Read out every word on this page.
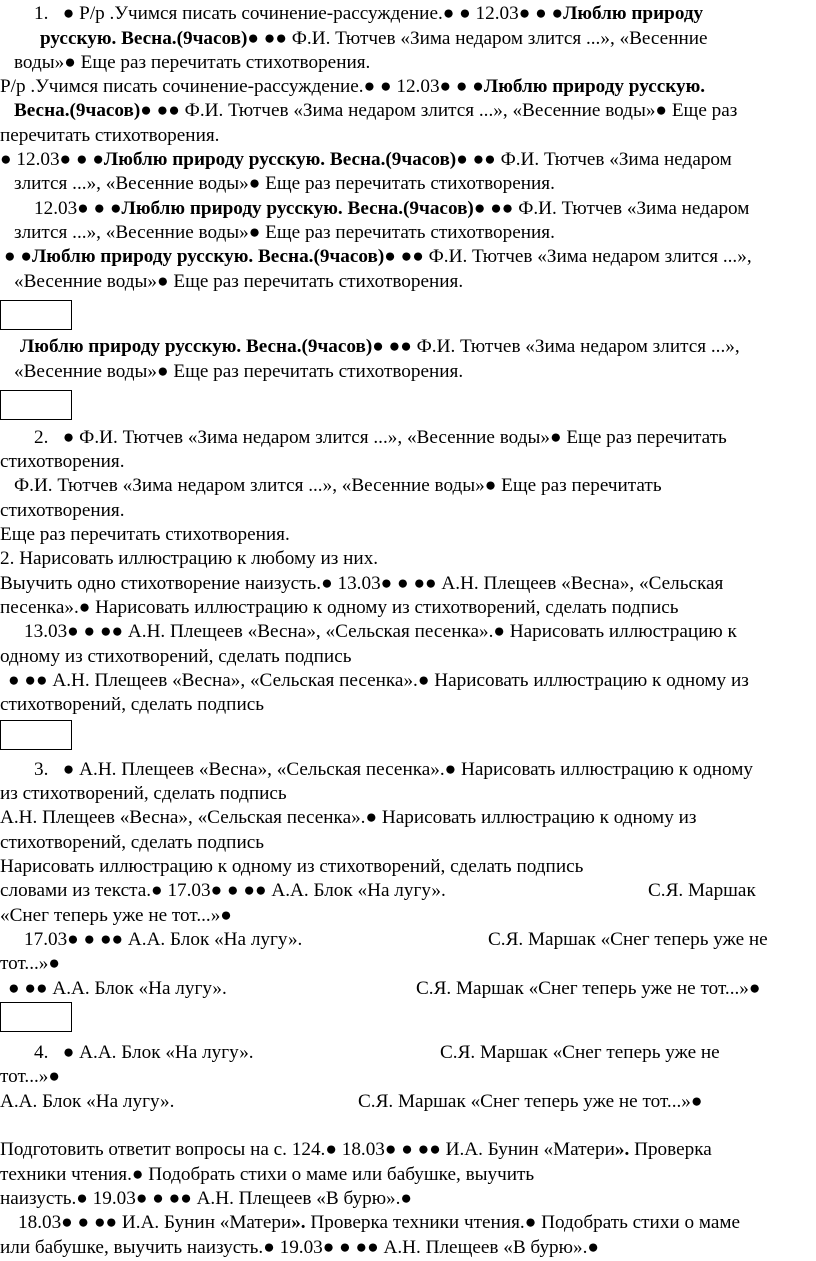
1. ● Р/р .Учимся писать сочинение-рассуждение.● ● 12.03● ● ●Люблю природу
русскую. Весна.(9часов)● ●● Ф.И. Тютчев «Зима недаром злится ...», «Весенние
воды»● Еще раз перечитать стихотворения.
Р/р .Учимся писать сочинение-рассуждение.● ● 12.03● ● ●Люблю природу русскую.
Весна.(9часов)● ●● Ф.И. Тютчев «Зима недаром злится ...», «Весенние воды»● Еще раз
перечитать стихотворения.
● 12.03● ● ●Люблю природу русскую. Весна.(9часов)● ●● Ф.И. Тютчев «Зима недаром
злится ...», «Весенние воды»● Еще раз перечитать стихотворения.
12.03● ● ●Люблю природу русскую. Весна.(9часов)● ●● Ф.И. Тютчев «Зима недаром
злится ...», «Весенние воды»● Еще раз перечитать стихотворения.
● ●Люблю природу русскую. Весна.(9часов)● ●● Ф.И. Тютчев «Зима недаром злится ...»,
«Весенние воды»● Еще раз перечитать стихотворения.
Люблю природу русскую. Весна.(9часов)● ●● Ф.И. Тютчев «Зима недаром злится ...»,
«Весенние воды»● Еще раз перечитать стихотворения.
2. ● Ф.И. Тютчев «Зима недаром злится ...», «Весенние воды»● Еще раз перечитать
стихотворения.
Ф.И. Тютчев «Зима недаром злится ...», «Весенние воды»● Еще раз перечитать
стихотворения.
Еще раз перечитать стихотворения.
2. Нарисовать иллюстрацию к любому из них.
Выучить одно стихотворение наизусть.● 13.03● ● ●● А.Н. Плещеев «Весна», «Сельская
песенка».● Нарисовать иллюстрацию к одному из стихотворений, сделать подпись
13.03● ● ●● А.Н. Плещеев «Весна», «Сельская песенка».● Нарисовать иллюстрацию к
одному из стихотворений, сделать подпись
● ●● А.Н. Плещеев «Весна», «Сельская песенка».● Нарисовать иллюстрацию к одному из
стихотворений, сделать подпись
3. ● А.Н. Плещеев «Весна», «Сельская песенка».● Нарисовать иллюстрацию к одному
из стихотворений, сделать подпись
А.Н. Плещеев «Весна», «Сельская песенка».● Нарисовать иллюстрацию к одному из
стихотворений, сделать подпись
Нарисовать иллюстрацию к одному из стихотворений, сделать подпись
словами из текста.● 17.03● ● ●● А.А. Блок «На лугу».	С.Я. Маршак
«Снег теперь уже не тот...»●
17.03● ● ●● А.А. Блок «На лугу».	С.Я. Маршак «Снег теперь уже не
тот...»●
● ●● А.А. Блок «На лугу».	С.Я. Маршак «Снег теперь уже не тот...»●
4. ● А.А. Блок «На лугу».	С.Я. Маршак «Снег теперь уже не
тот...»●
А.А. Блок «На лугу».	С.Я. Маршак «Снег теперь уже не тот...»●
Подготовить ответит вопросы на с. 124.● 18.03● ● ●● И.А. Бунин «Матери». Проверка
техники чтения.● Подобрать стихи о маме или бабушке, выучить
наизусть.● 19.03● ● ●● А.Н. Плещеев «В бурю».●
18.03● ● ●● И.А. Бунин «Матери». Проверка техники чтения.● Подобрать стихи о маме
или бабушке, выучить наизусть.● 19.03● ● ●● А.Н. Плещеев «В бурю».●
